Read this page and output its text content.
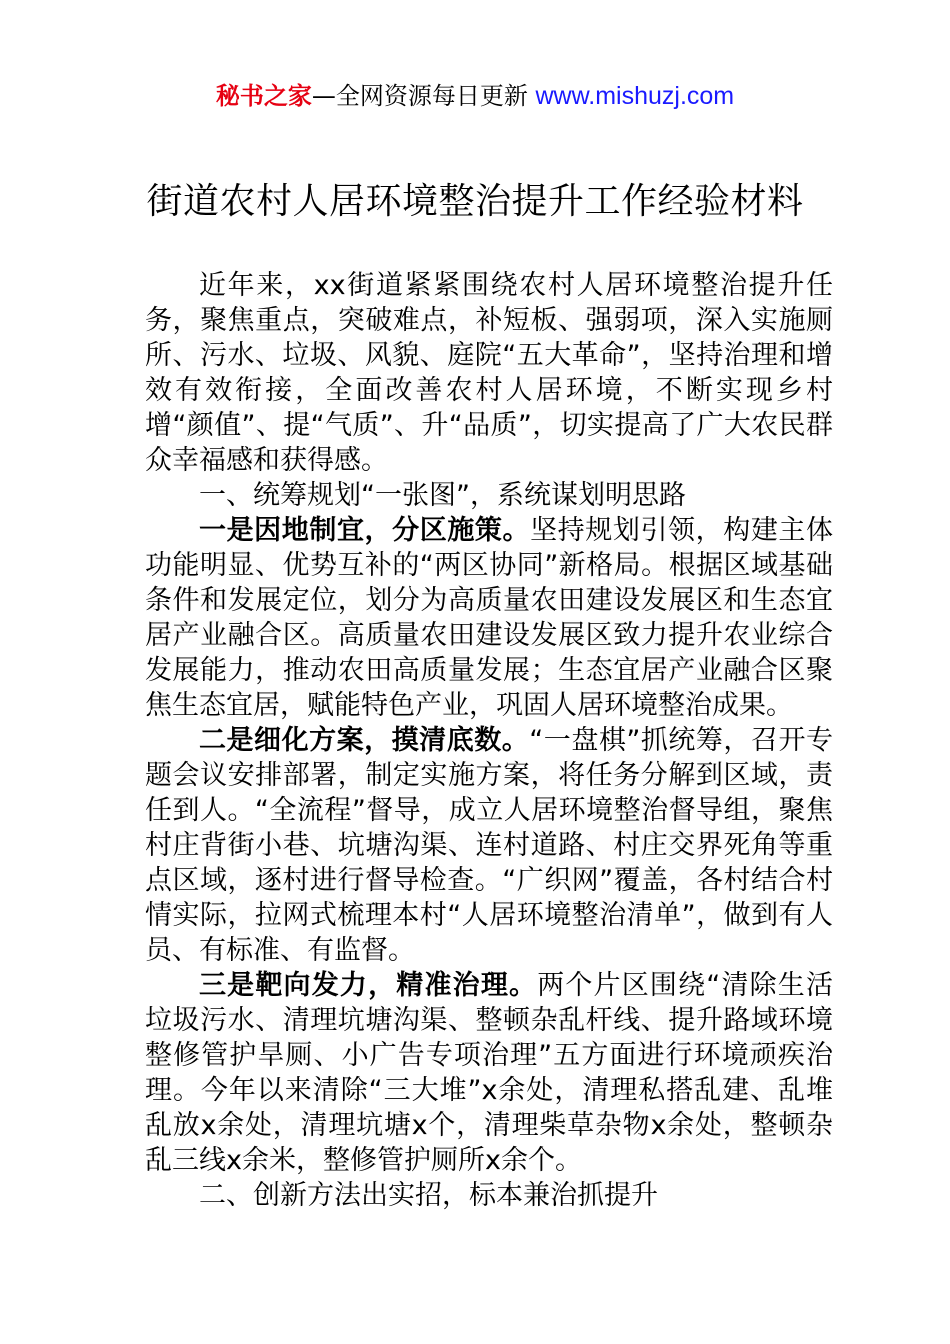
秘书之家—全网资源每日更新 www.mishuzj.com
街道农村人居环境整治提升工作经验材料

近年来，xx街道紧紧围绕农村人居环境整治提升任务，聚焦重点，突破难点，补短板、强弱项，深入实施厕所、污水、垃圾、风貌、庭院“五大革命”，坚持治理和增效有效衔接，全面改善农村人居环境，不断实现乡村增“颜值”、提“气质”、升“品质”，切实提高了广大农民群众幸福感和获得感。

一、统筹规划“一张图”，系统谋划明思路

一是因地制宜，分区施策。坚持规划引领，构建主体功能明显、优势互补的“两区协同”新格局。根据区域基础条件和发展定位，划分为高质量农田建设发展区和生态宜居产业融合区。高质量农田建设发展区致力提升农业综合发展能力，推动农田高质量发展；生态宜居产业融合区聚焦生态宜居，赋能特色产业，巩固人居环境整治成果。

二是细化方案，摸清底数。“一盘棋”抓统筹，召开专题会议安排部署，制定实施方案，将任务分解到区域，责任到人。“全流程”督导，成立人居环境整治督导组，聚焦村庄背街小巷、坑塘沟渠、连村道路、村庄交界死角等重点区域，逐村进行督导检查。“广织网”覆盖，各村结合村情实际，拉网式梳理本村“人居环境整治清单”，做到有人员、有标准、有监督。

三是靶向发力，精准治理。两个片区围绕“清除生活垃圾污水、清理坑塘沟渠、整顿杂乱杆线、提升路域环境整修管护旱厕、小广告专项治理”五方面进行环境顽疾治理。今年以来清除“三大堆”x余处，清理私搭乱建、乱堆乱放x余处，清理坑塘x个，清理柴草杂物x余处，整顿杂乱三线x余米，整修管护厕所x余个。

二、创新方法出实招，标本兼治抓提升
